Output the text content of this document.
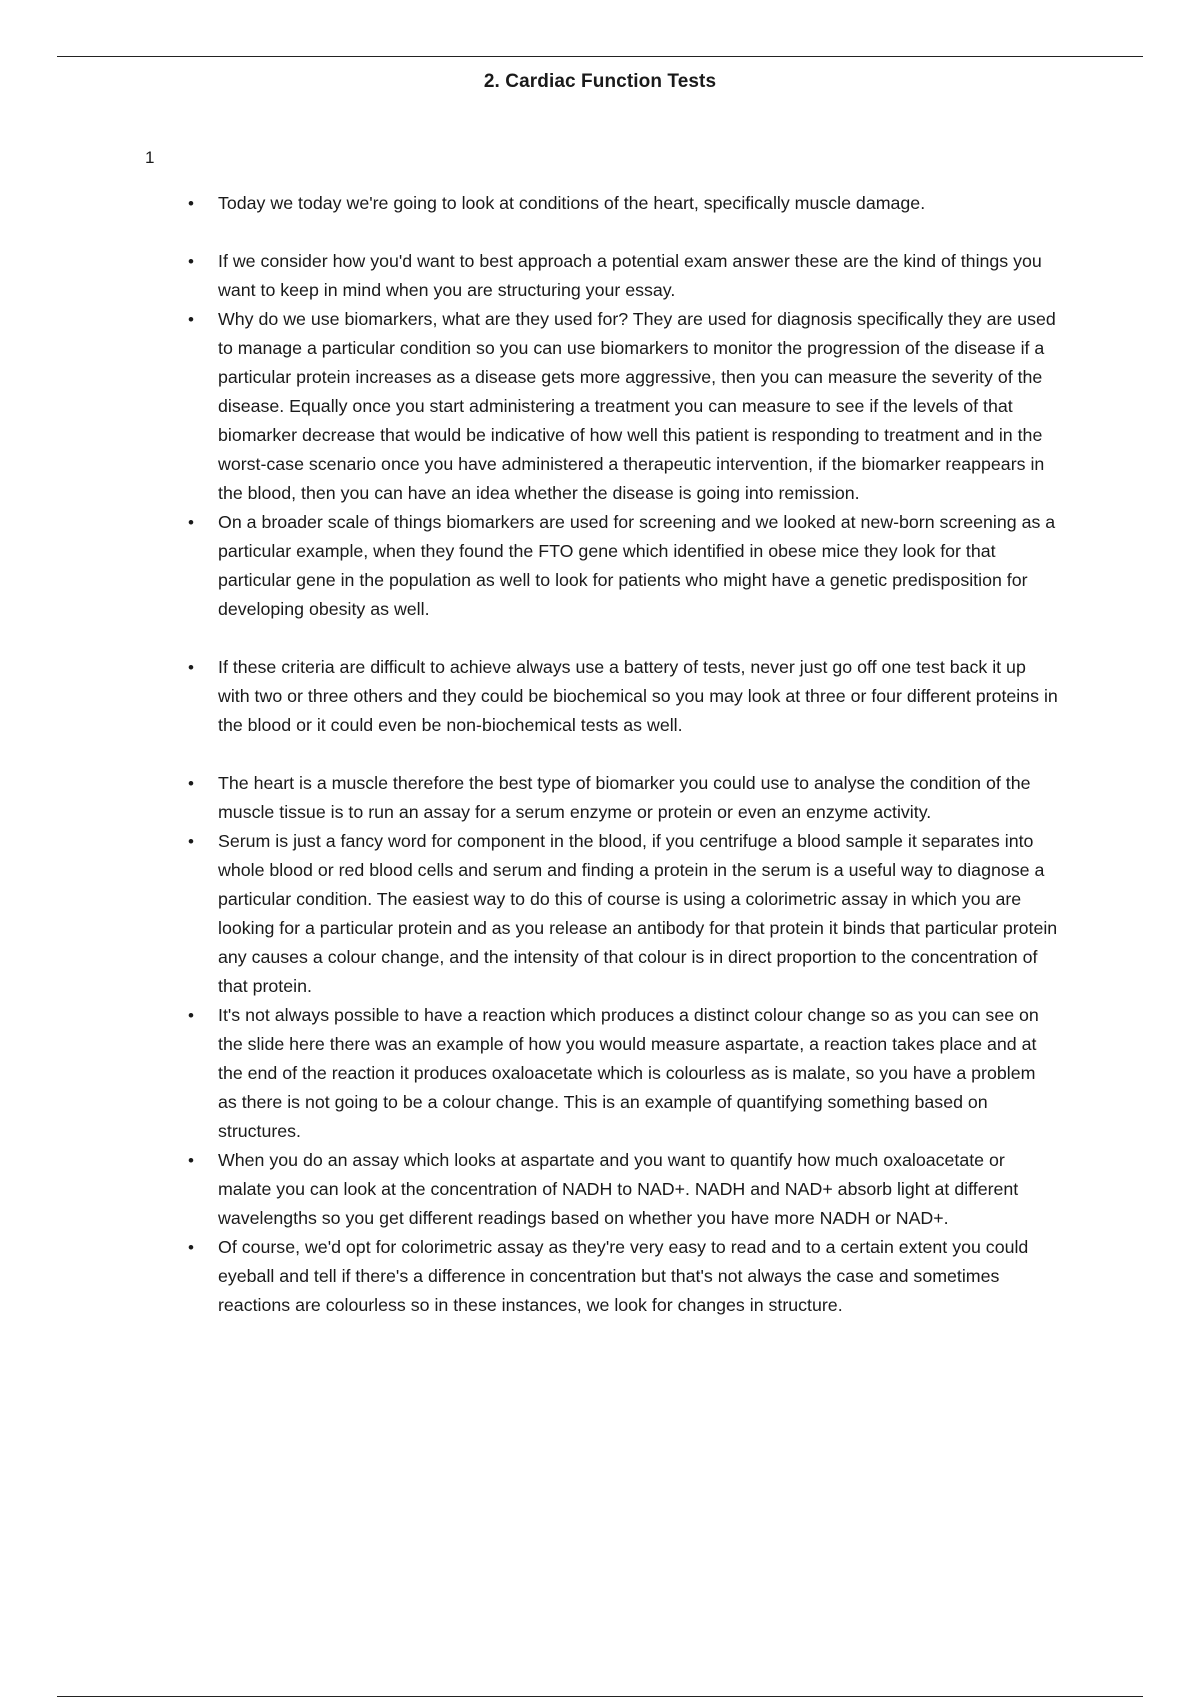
2. Cardiac Function Tests
1
• Today we today we're going to look at conditions of the heart, specifically muscle damage.
• If we consider how you'd want to best approach a potential exam answer these are the kind of things you want to keep in mind when you are structuring your essay.
• Why do we use biomarkers, what are they used for? They are used for diagnosis specifically they are used to manage a particular condition so you can use biomarkers to monitor the progression of the disease if a particular protein increases as a disease gets more aggressive, then you can measure the severity of the disease. Equally once you start administering a treatment you can measure to see if the levels of that biomarker decrease that would be indicative of how well this patient is responding to treatment and in the worst-case scenario once you have administered a therapeutic intervention, if the biomarker reappears in the blood, then you can have an idea whether the disease is going into remission.
• On a broader scale of things biomarkers are used for screening and we looked at new-born screening as a particular example, when they found the FTO gene which identified in obese mice they look for that particular gene in the population as well to look for patients who might have a genetic predisposition for developing obesity as well.
• If these criteria are difficult to achieve always use a battery of tests, never just go off one test back it up with two or three others and they could be biochemical so you may look at three or four different proteins in the blood or it could even be non-biochemical tests as well.
• The heart is a muscle therefore the best type of biomarker you could use to analyse the condition of the muscle tissue is to run an assay for a serum enzyme or protein or even an enzyme activity.
• Serum is just a fancy word for component in the blood, if you centrifuge a blood sample it separates into whole blood or red blood cells and serum and finding a protein in the serum is a useful way to diagnose a particular condition. The easiest way to do this of course is using a colorimetric assay in which you are looking for a particular protein and as you release an antibody for that protein it binds that particular protein any causes a colour change, and the intensity of that colour is in direct proportion to the concentration of that protein.
• It's not always possible to have a reaction which produces a distinct colour change so as you can see on the slide here there was an example of how you would measure aspartate, a reaction takes place and at the end of the reaction it produces oxaloacetate which is colourless as is malate, so you have a problem as there is not going to be a colour change. This is an example of quantifying something based on structures.
• When you do an assay which looks at aspartate and you want to quantify how much oxaloacetate or malate you can look at the concentration of NADH to NAD+. NADH and NAD+ absorb light at different wavelengths so you get different readings based on whether you have more NADH or NAD+.
• Of course, we'd opt for colorimetric assay as they're very easy to read and to a certain extent you could eyeball and tell if there's a difference in concentration but that's not always the case and sometimes reactions are colourless so in these instances, we look for changes in structure.
